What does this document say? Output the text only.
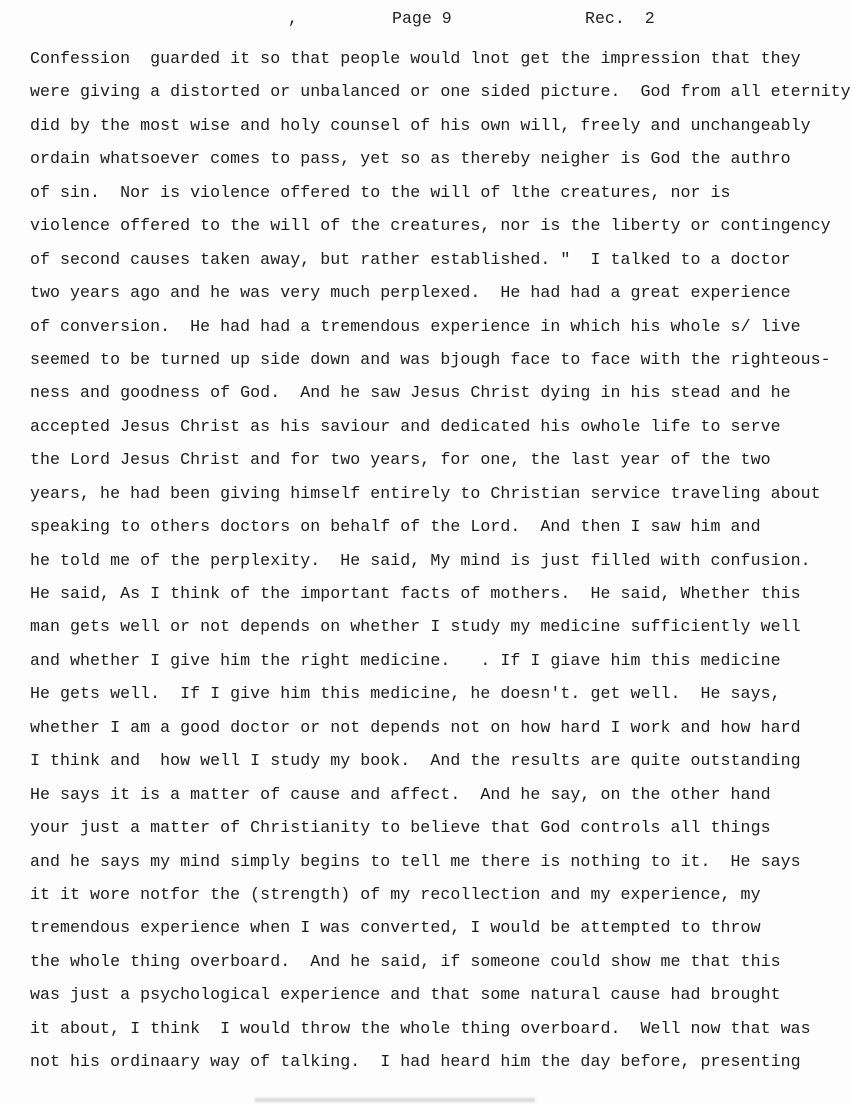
,	Page 9	Rec.  2
Confession  guarded it so that people would lnot get the impression that they
were giving a distorted or unbalanced or one sided picture.  God from all eternity
did by the most wise and holy counsel of his own will, freely and unchangeably
ordain whatsoever comes to pass, yet so as thereby neigher is God the authro
of sin.  Nor is violence offered to the will of lthe creatures, nor is
violence offered to the will of the creatures, nor is the liberty or contingency
of second causes taken away, but rather established. "  I talked to a doctor
two years ago and he was very much perplexed.  He had had a great experience
of conversion.  He had had a tremendous experience in which his whole s/ live
seemed to be turned up side down and was bjough face to face with the righteous-
ness and goodness of God.  And he saw Jesus Christ dying in his stead and he
accepted Jesus Christ as his saviour and dedicated his owhole life to serve
the Lord Jesus Christ and for two years, for one, the last year of the two
years, he had been giving himself entirely to Christian service traveling about
speaking to others doctors on behalf of the Lord.  And then I saw him and
he told me of the perplexity.  He said, My mind is just filled with confusion.
He said, As I think of the important facts of mothers.  He said, Whether this
man gets well or not depends on whether I study my medicine sufficiently well
and whether I give him the right medicine.   . If I giave him this medicine
He gets well.  If I give him this medicine, he doesn't. get well.  He says,
whether I am a good doctor or not depends not on how hard I work and how hard
I think and  how well I study my book.  And the results are quite outstanding
He says it is a matter of cause and affect.  And he say, on the other hand
your just a matter of Christianity to believe that God controls all things
and he says my mind simply begins to tell me there is nothing to it.  He says
it it wore notfor the (strength) of my recollection and my experience, my
tremendous experience when I was converted, I would be attempted to throw
the whole thing overboard.  And he said, if someone could show me that this
was just a psychological experience and that some natural cause had brought
it about, I think  I would throw the whole thing overboard.  Well now that was
not his ordinaary way of talking.  I had heard him the day before, presenting
